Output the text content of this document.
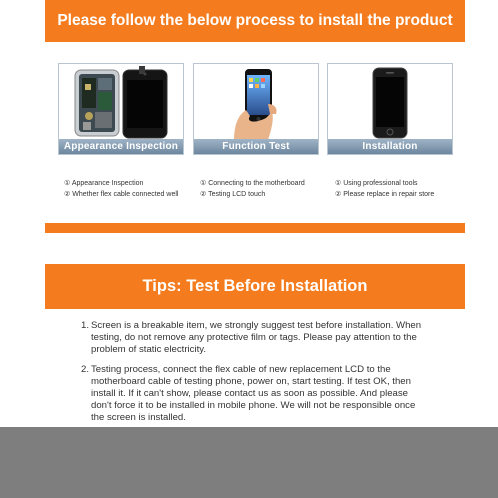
Please follow the below process to install the product
Appearance Inspection	Function Test	Installation
① Appearance Inspection
② Whether flex cable connected well
① Connecting to the motherboard
② Testing LCD touch
① Using professional tools
② Please replace in repair store
Tips: Test Before Installation
1. Screen is a breakable item, we strongly suggest test before installation. When testing, do not remove any protective film or tags. Please pay attention to the problem of static electricity.
2. Testing process, connect the flex cable of new replacement LCD to the motherboard cable of testing phone, power on, start testing. If test OK, then install it. If it can't show, please contact us as soon as possible. And please don't force it to be installed in mobile phone. We will not be responsible once the screen is installed.
